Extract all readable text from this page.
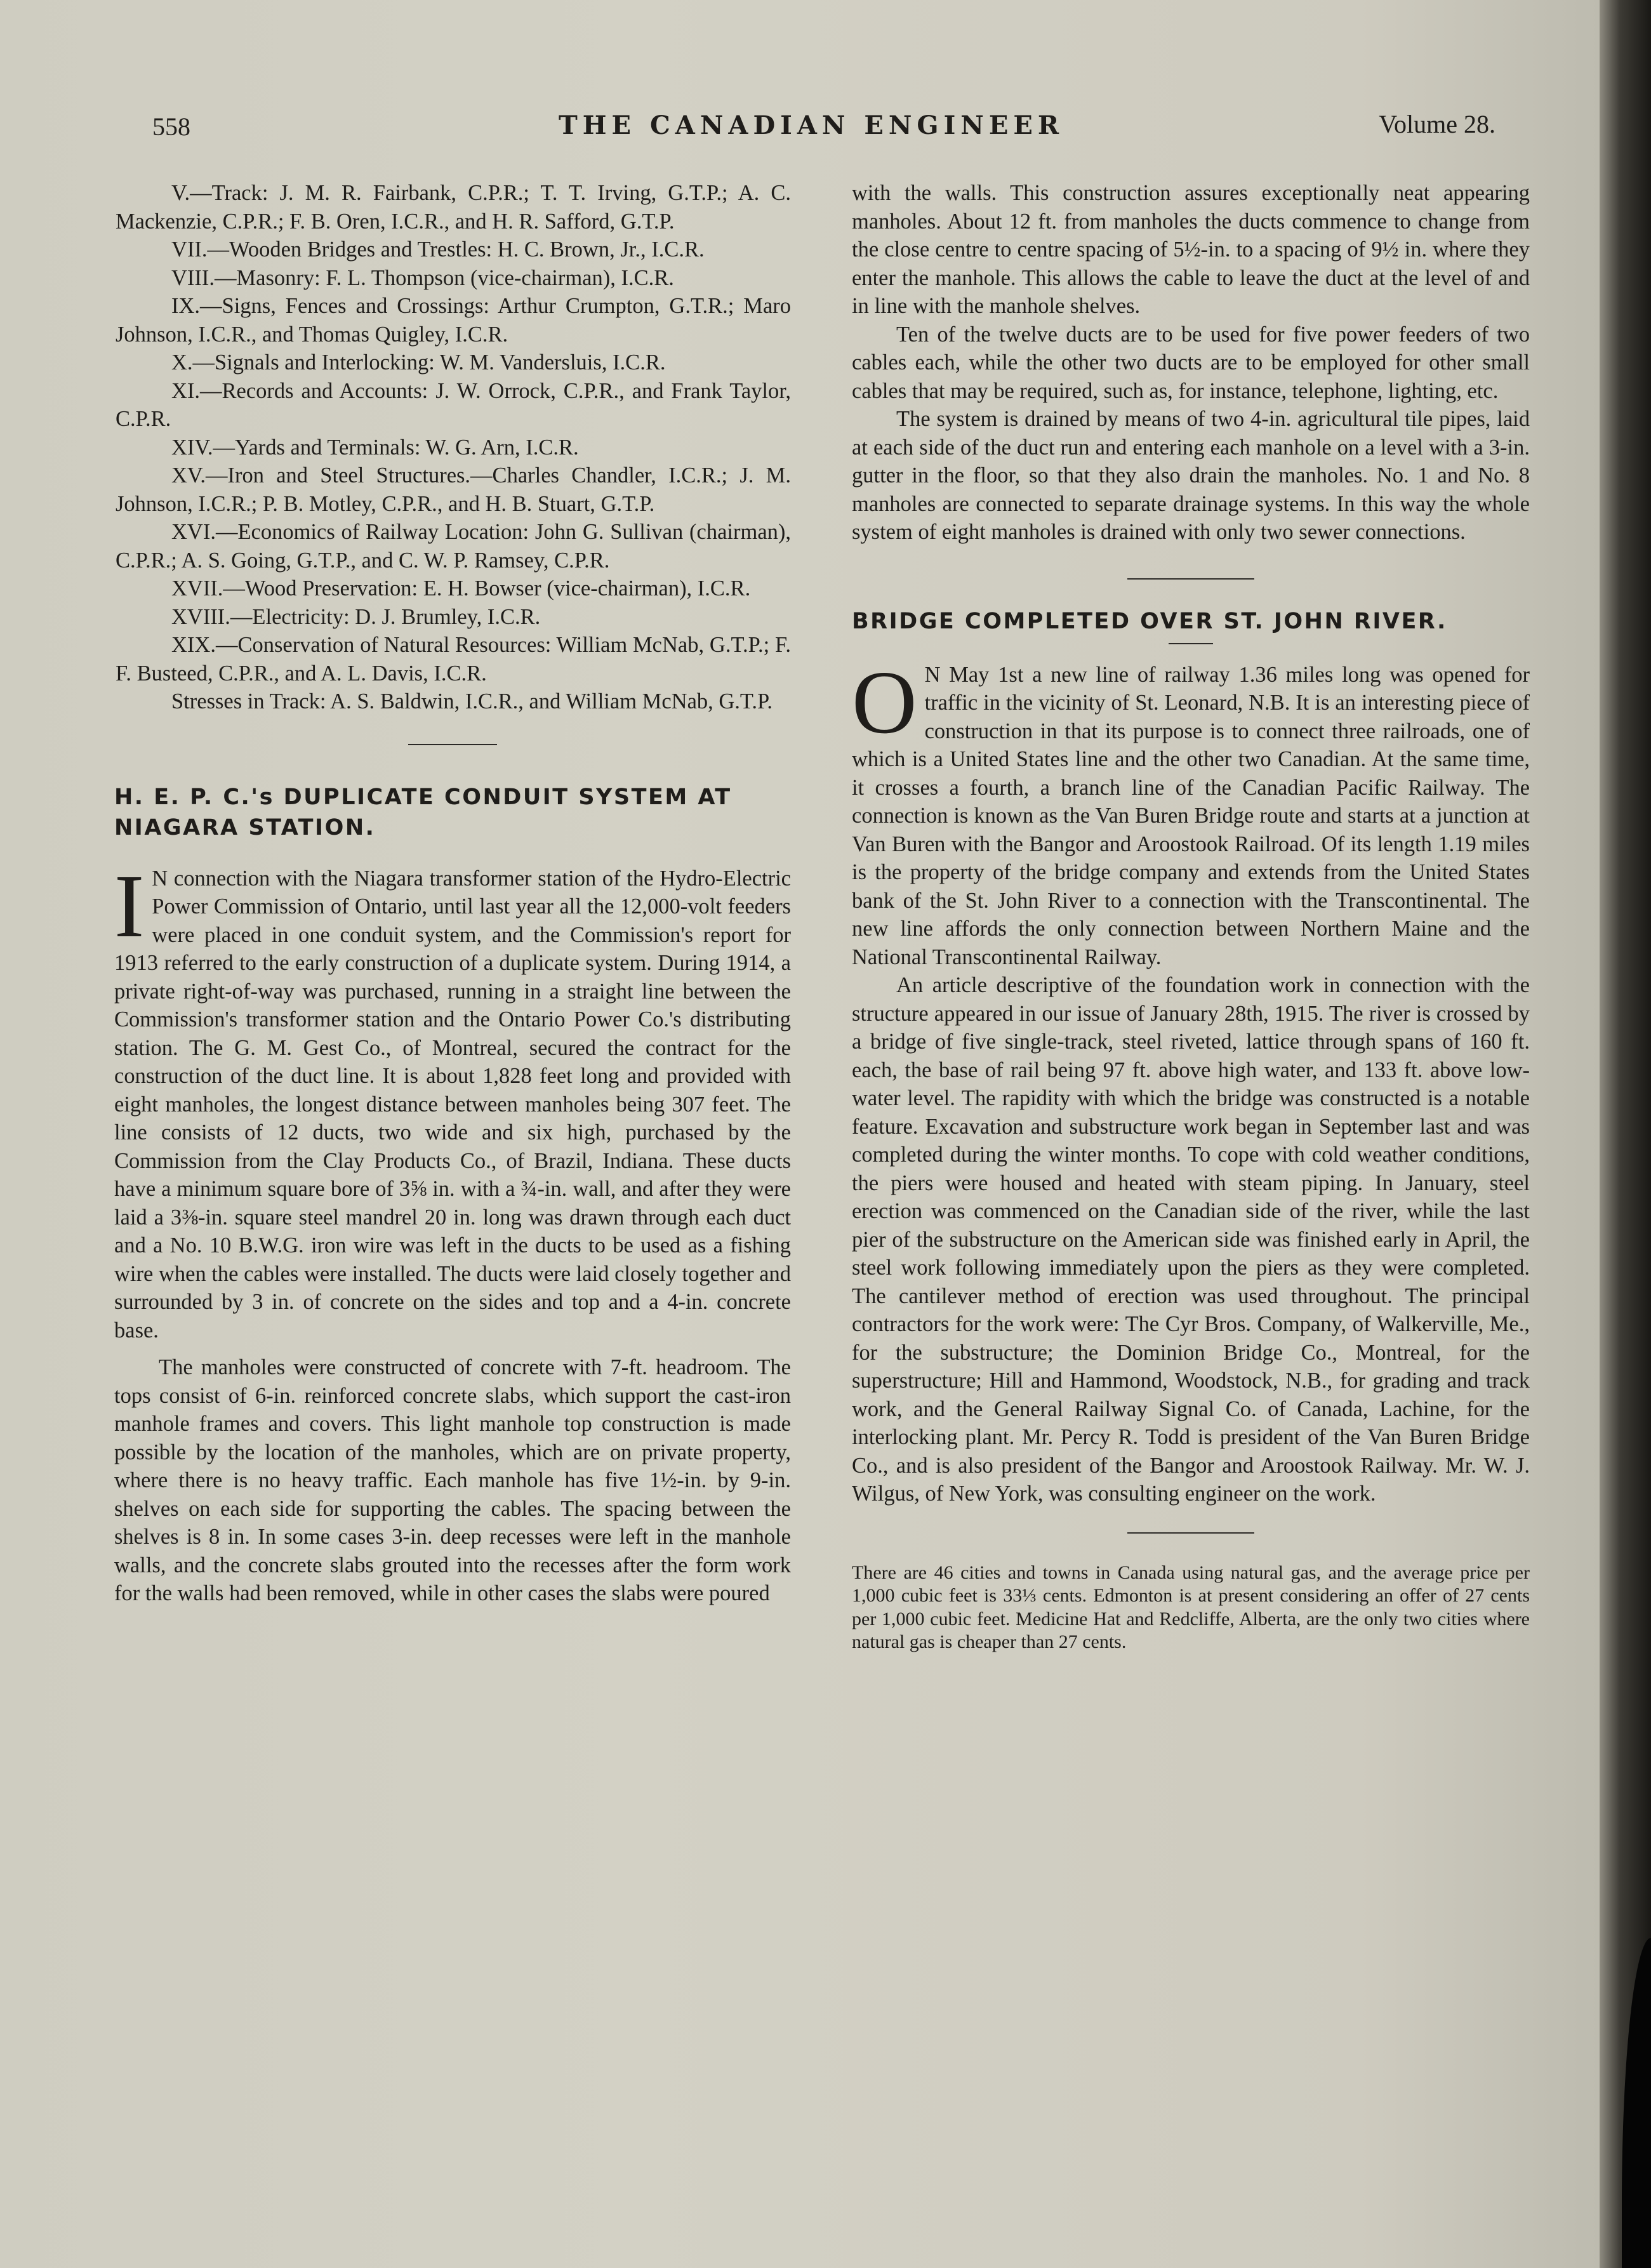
558	THE CANADIAN ENGINEER	Volume 28.

V.—Track: J. M. R. Fairbank, C.P.R.; T. T. Irving, G.T.P.; A. C. Mackenzie, C.P.R.; F. B. Oren, I.C.R., and H. R. Safford, G.T.P.

VII.—Wooden Bridges and Trestles: H. C. Brown, Jr., I.C.R.

VIII.—Masonry: F. L. Thompson (vice-chairman), I.C.R.

IX.—Signs, Fences and Crossings: Arthur Crumpton, G.T.R.; Maro Johnson, I.C.R., and Thomas Quigley, I.C.R.

X.—Signals and Interlocking: W. M. Vandersluis, I.C.R.

XI.—Records and Accounts: J. W. Orrock, C.P.R., and Frank Taylor, C.P.R.

XIV.—Yards and Terminals: W. G. Arn, I.C.R.

XV.—Iron and Steel Structures.—Charles Chandler, I.C.R.; J. M. Johnson, I.C.R.; P. B. Motley, C.P.R., and H. B. Stuart, G.T.P.

XVI.—Economics of Railway Location: John G. Sullivan (chairman), C.P.R.; A. S. Going, G.T.P., and C. W. P. Ramsey, C.P.R.

XVII.—Wood Preservation: E. H. Bowser (vice-chairman), I.C.R.

XVIII.—Electricity: D. J. Brumley, I.C.R.

XIX.—Conservation of Natural Resources: William McNab, G.T.P.; F. F. Busteed, C.P.R., and A. L. Davis, I.C.R.

Stresses in Track: A. S. Baldwin, I.C.R., and William McNab, G.T.P.

H. E. P. C.'s DUPLICATE CONDUIT SYSTEM AT

NIAGARA STATION.

I N connection with the Niagara transformer station of the Hydro-Electric Power Commission of Ontario, until last year all the 12,000-volt feeders were placed in one conduit system, and the Commission's report for 1913 referred to the early construction of a duplicate system. During 1914, a private right-of-way was purchased, running in a straight line between the Commission's transformer station and the Ontario Power Co.'s distributing station. The G. M. Gest Co., of Montreal, secured the contract for the construction of the duct line. It is about 1,828 feet long and provided with eight manholes, the longest distance between manholes being 307 feet. The line consists of 12 ducts, two wide and six high, purchased by the Commission from the Clay Products Co., of Brazil, Indiana. These ducts have a minimum square bore of 3⅝ in. with a ¾-in. wall, and after they were laid a 3⅜-in. square steel mandrel 20 in. long was drawn through each duct and a No. 10 B.W.G. iron wire was left in the ducts to be used as a fishing wire when the cables were installed. The ducts were laid closely together and surrounded by 3 in. of concrete on the sides and top and a 4-in. concrete base.

The manholes were constructed of concrete with 7-ft. headroom. The tops consist of 6-in. reinforced concrete slabs, which support the cast-iron manhole frames and covers. This light manhole top construction is made possible by the location of the manholes, which are on private property, where there is no heavy traffic. Each manhole has five 1½-in. by 9-in. shelves on each side for supporting the cables. The spacing between the shelves is 8 in. In some cases 3-in. deep recesses were left in the manhole walls, and the concrete slabs grouted into the recesses after the form work for the walls had been removed, while in other cases the slabs were poured

with the walls. This construction assures exceptionally neat appearing manholes. About 12 ft. from manholes the ducts commence to change from the close centre to centre spacing of 5½-in. to a spacing of 9½ in. where they enter the manhole. This allows the cable to leave the duct at the level of and in line with the manhole shelves.

Ten of the twelve ducts are to be used for five power feeders of two cables each, while the other two ducts are to be employed for other small cables that may be required, such as, for instance, telephone, lighting, etc.

The system is drained by means of two 4-in. agricultural tile pipes, laid at each side of the duct run and entering each manhole on a level with a 3-in. gutter in the floor, so that they also drain the manholes. No. 1 and No. 8 manholes are connected to separate drainage systems. In this way the whole system of eight manholes is drained with only two sewer connections.

BRIDGE COMPLETED OVER ST. JOHN RIVER.

O N May 1st a new line of railway 1.36 miles long was opened for traffic in the vicinity of St. Leonard, N.B. It is an interesting piece of construction in that its purpose is to connect three railroads, one of which is a United States line and the other two Canadian. At the same time, it crosses a fourth, a branch line of the Canadian Pacific Railway. The connection is known as the Van Buren Bridge route and starts at a junction at Van Buren with the Bangor and Aroostook Railroad. Of its length 1.19 miles is the property of the bridge company and extends from the United States bank of the St. John River to a connection with the Transcontinental. The new line affords the only connection between Northern Maine and the National Transcontinental Railway.

An article descriptive of the foundation work in connection with the structure appeared in our issue of January 28th, 1915. The river is crossed by a bridge of five single-track, steel riveted, lattice through spans of 160 ft. each, the base of rail being 97 ft. above high water, and 133 ft. above low-water level. The rapidity with which the bridge was constructed is a notable feature. Excavation and substructure work began in September last and was completed during the winter months. To cope with cold weather conditions, the piers were housed and heated with steam piping. In January, steel erection was commenced on the Canadian side of the river, while the last pier of the substructure on the American side was finished early in April, the steel work following immediately upon the piers as they were completed. The cantilever method of erection was used throughout. The principal contractors for the work were: The Cyr Bros. Company, of Walkerville, Me., for the substructure; the Dominion Bridge Co., Montreal, for the superstructure; Hill and Hammond, Woodstock, N.B., for grading and track work, and the General Railway Signal Co. of Canada, Lachine, for the interlocking plant. Mr. Percy R. Todd is president of the Van Buren Bridge Co., and is also president of the Bangor and Aroostook Railway. Mr. W. J. Wilgus, of New York, was consulting engineer on the work.

There are 46 cities and towns in Canada using natural gas, and the average price per 1,000 cubic feet is 33⅓ cents. Edmonton is at present considering an offer of 27 cents per 1,000 cubic feet. Medicine Hat and Redcliffe, Alberta, are the only two cities where natural gas is cheaper than 27 cents.
